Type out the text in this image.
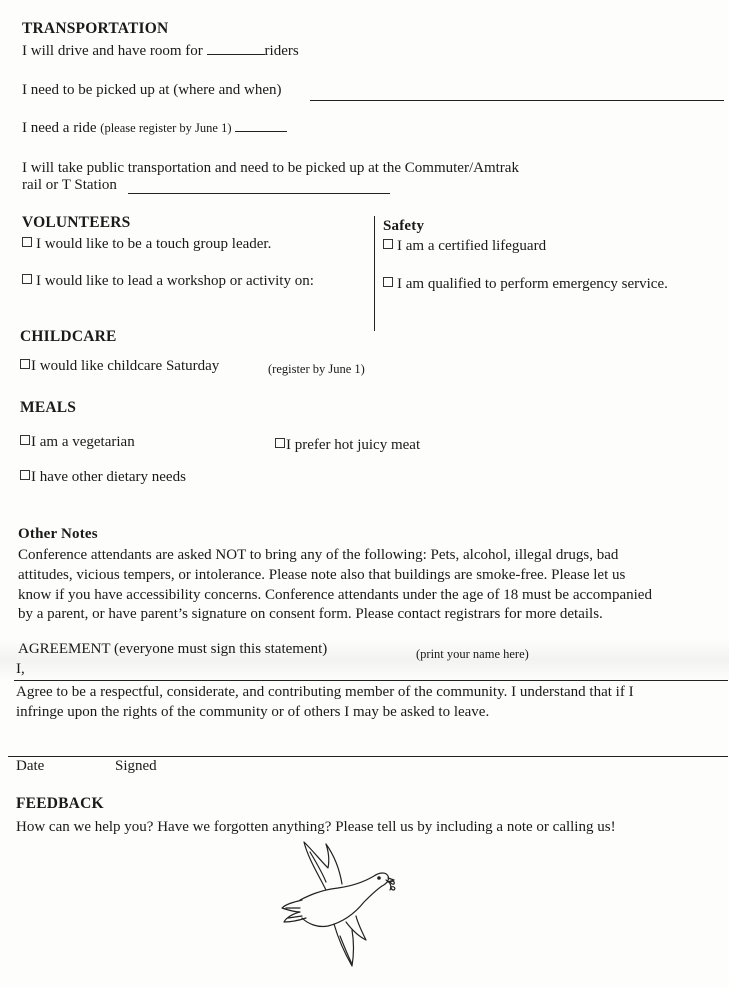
TRANSPORTATION
I will drive and have room for	riders
I need to be picked up at (where and when)
I need a ride (please register by June 1)
I will take public transportation and need to be picked up at the Commuter/Amtrak
rail or T Station
VOLUNTEERS
I would like to be a touch group leader.
I would like to lead a workshop or activity on:
Safety
I am a certified lifeguard
I am qualified to perform emergency service.
CHILDCARE
I would like childcare Saturday	(register by June 1)
MEALS
I am a vegetarian	I prefer hot juicy meat
I have other dietary needs
Other Notes
Conference attendants are asked NOT to bring any of the following: Pets, alcohol, illegal drugs, bad
attitudes, vicious tempers, or intolerance. Please note also that buildings are smoke-free. Please let us
know if you have accessibility concerns. Conference attendants under the age of 18 must be accompanied
by a parent, or have parent’s signature on consent form. Please contact registrars for more details.
AGREEMENT (everyone must sign this statement)	(print your name here)
I,
Agree to be a respectful, considerate, and contributing member of the community. I understand that if I
infringe upon the rights of the community or of others I may be asked to leave.
Date	Signed
FEEDBACK
How can we help you? Have we forgotten anything? Please tell us by including a note or calling us!
